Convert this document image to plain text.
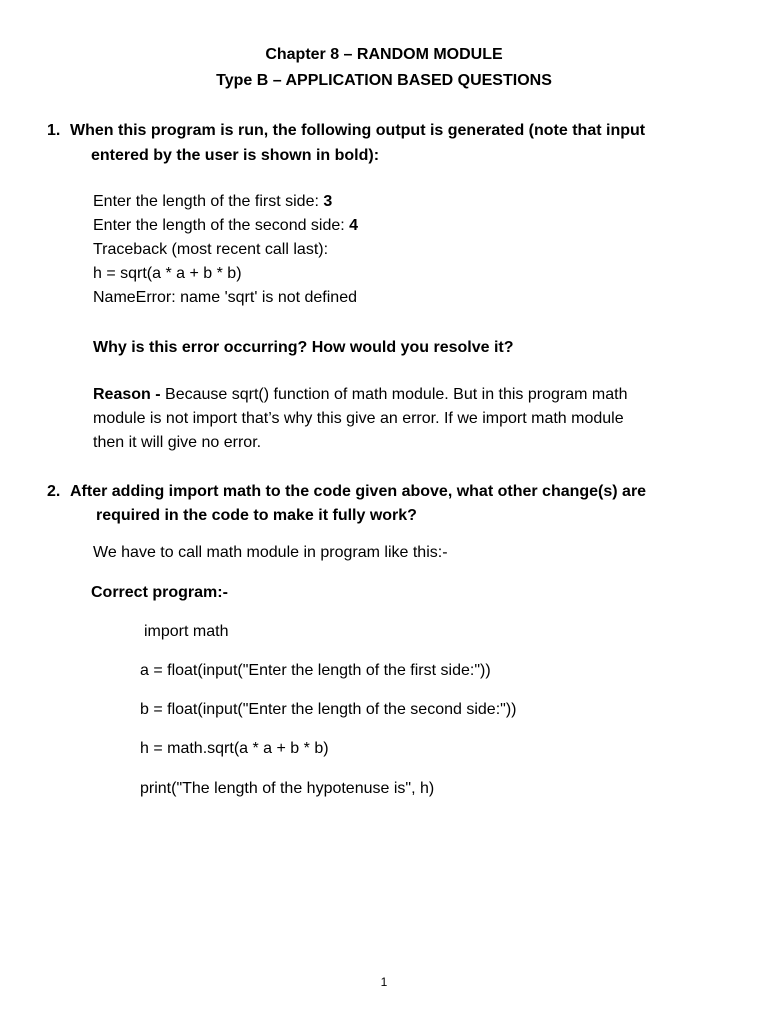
Chapter 8 – RANDOM MODULE
Type B – APPLICATION BASED QUESTIONS
1. When this program is run, the following output is generated (note that input
entered by the user is shown in bold):
Enter the length of the first side: 3
Enter the length of the second side: 4
Traceback (most recent call last):
h = sqrt(a * a + b * b)
NameError: name 'sqrt' is not defined
Why is this error occurring? How would you resolve it?
Reason - Because sqrt() function of math module. But in this program math
module is not import that’s why this give an error. If we import math module
then it will give no error.
2. After adding import math to the code given above, what other change(s) are
required in the code to make it fully work?
We have to call math module in program like this:-
Correct program:-
import math
a = float(input("Enter the length of the first side:"))
b = float(input("Enter the length of the second side:"))
h = math.sqrt(a * a + b * b)
print("The length of the hypotenuse is", h)
1
